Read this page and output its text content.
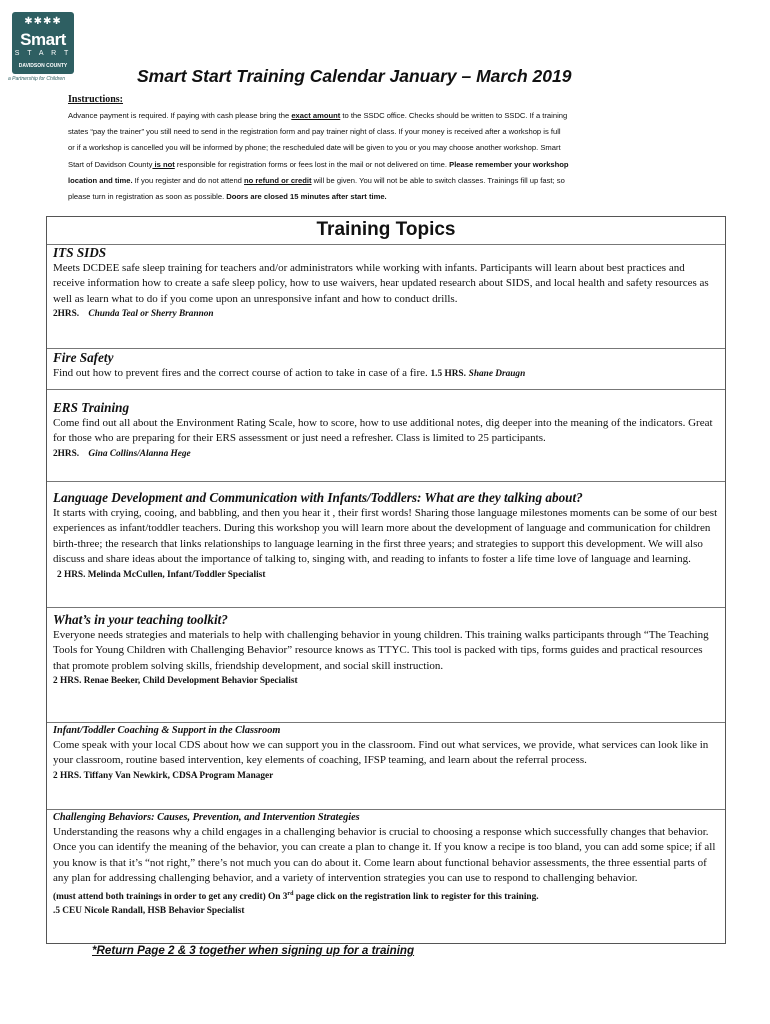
✱✱✱✱
Smart
S T A R T
DAVIDSON COUNTY
a Partnership for Children	Smart Start Training Calendar January – March 2019
Instructions:
Advance payment is required. If paying with cash please bring the exact amount to the SSDC office. Checks should be written to SSDC. If a training
states “pay the trainer” you still need to send in the registration form and pay trainer night of class. If your money is received after a workshop is full
or if a workshop is cancelled you will be informed by phone; the rescheduled date will be given to you or you may choose another workshop. Smart
Start of Davidson County is not responsible for registration forms or fees lost in the mail or not delivered on time. Please remember your workshop
location and time. If you register and do not attend no refund or credit will be given. You will not be able to switch classes. Trainings fill up fast; so
please turn in registration as soon as possible. Doors are closed 15 minutes after start time.
Training Topics
ITS SIDS
Meets DCDEE safe sleep training for teachers and/or administrators while working with infants. Participants will learn about best practices and receive information how to create a safe sleep policy, how to use waivers, hear updated research about SIDS, and local health and safety resources as well as learn what to do if you come upon an unresponsive infant and how to conduct drills.
2HRS. Chunda Teal or Sherry Brannon
Fire Safety
Find out how to prevent fires and the correct course of action to take in case of a fire. 1.5 HRS. Shane Draugn
ERS Training
Come find out all about the Environment Rating Scale, how to score, how to use additional notes, dig deeper into the meaning of the indicators. Great for those who are preparing for their ERS assessment or just need a refresher. Class is limited to 25 participants.
2HRS. Gina Collins/Alanna Hege
Language Development and Communication with Infants/Toddlers: What are they talking about?
It starts with crying, cooing, and babbling, and then you hear it , their first words! Sharing those language milestones moments can be some of our best experiences as infant/toddler teachers. During this workshop you will learn more about the development of language and communication for children birth-three; the research that links relationships to language learning in the first three years; and strategies to support this development. We will also discuss and share ideas about the importance of talking to, singing with, and reading to infants to foster a life time love of language and learning.
2 HRS. Melinda McCullen, Infant/Toddler Specialist
What’s in your teaching toolkit?
Everyone needs strategies and materials to help with challenging behavior in young children. This training walks participants through “The Teaching Tools for Young Children with Challenging Behavior” resource knows as TTYC. This tool is packed with tips, forms guides and practical resources that promote problem solving skills, friendship development, and social skill instruction.
2 HRS. Renae Beeker, Child Development Behavior Specialist
Infant/Toddler Coaching & Support in the Classroom
Come speak with your local CDS about how we can support you in the classroom. Find out what services, we provide, what services can look like in your classroom, routine based intervention, key elements of coaching, IFSP teaming, and learn about the referral process.
2 HRS. Tiffany Van Newkirk, CDSA Program Manager
Challenging Behaviors: Causes, Prevention, and Intervention Strategies
Understanding the reasons why a child engages in a challenging behavior is crucial to choosing a response which successfully changes that behavior. Once you can identify the meaning of the behavior, you can create a plan to change it. If you know a recipe is too bland, you can add some spice; if all you know is that it’s “not right,” there’s not much you can do about it. Come learn about functional behavior assessments, the three essential parts of any plan for addressing challenging behavior, and a variety of intervention strategies you can use to respond to challenging behavior.
(must attend both trainings in order to get any credit) On 3rd page click on the registration link to register for this training.
.5 CEU Nicole Randall, HSB Behavior Specialist
*Return Page 2 & 3 together when signing up for a training
